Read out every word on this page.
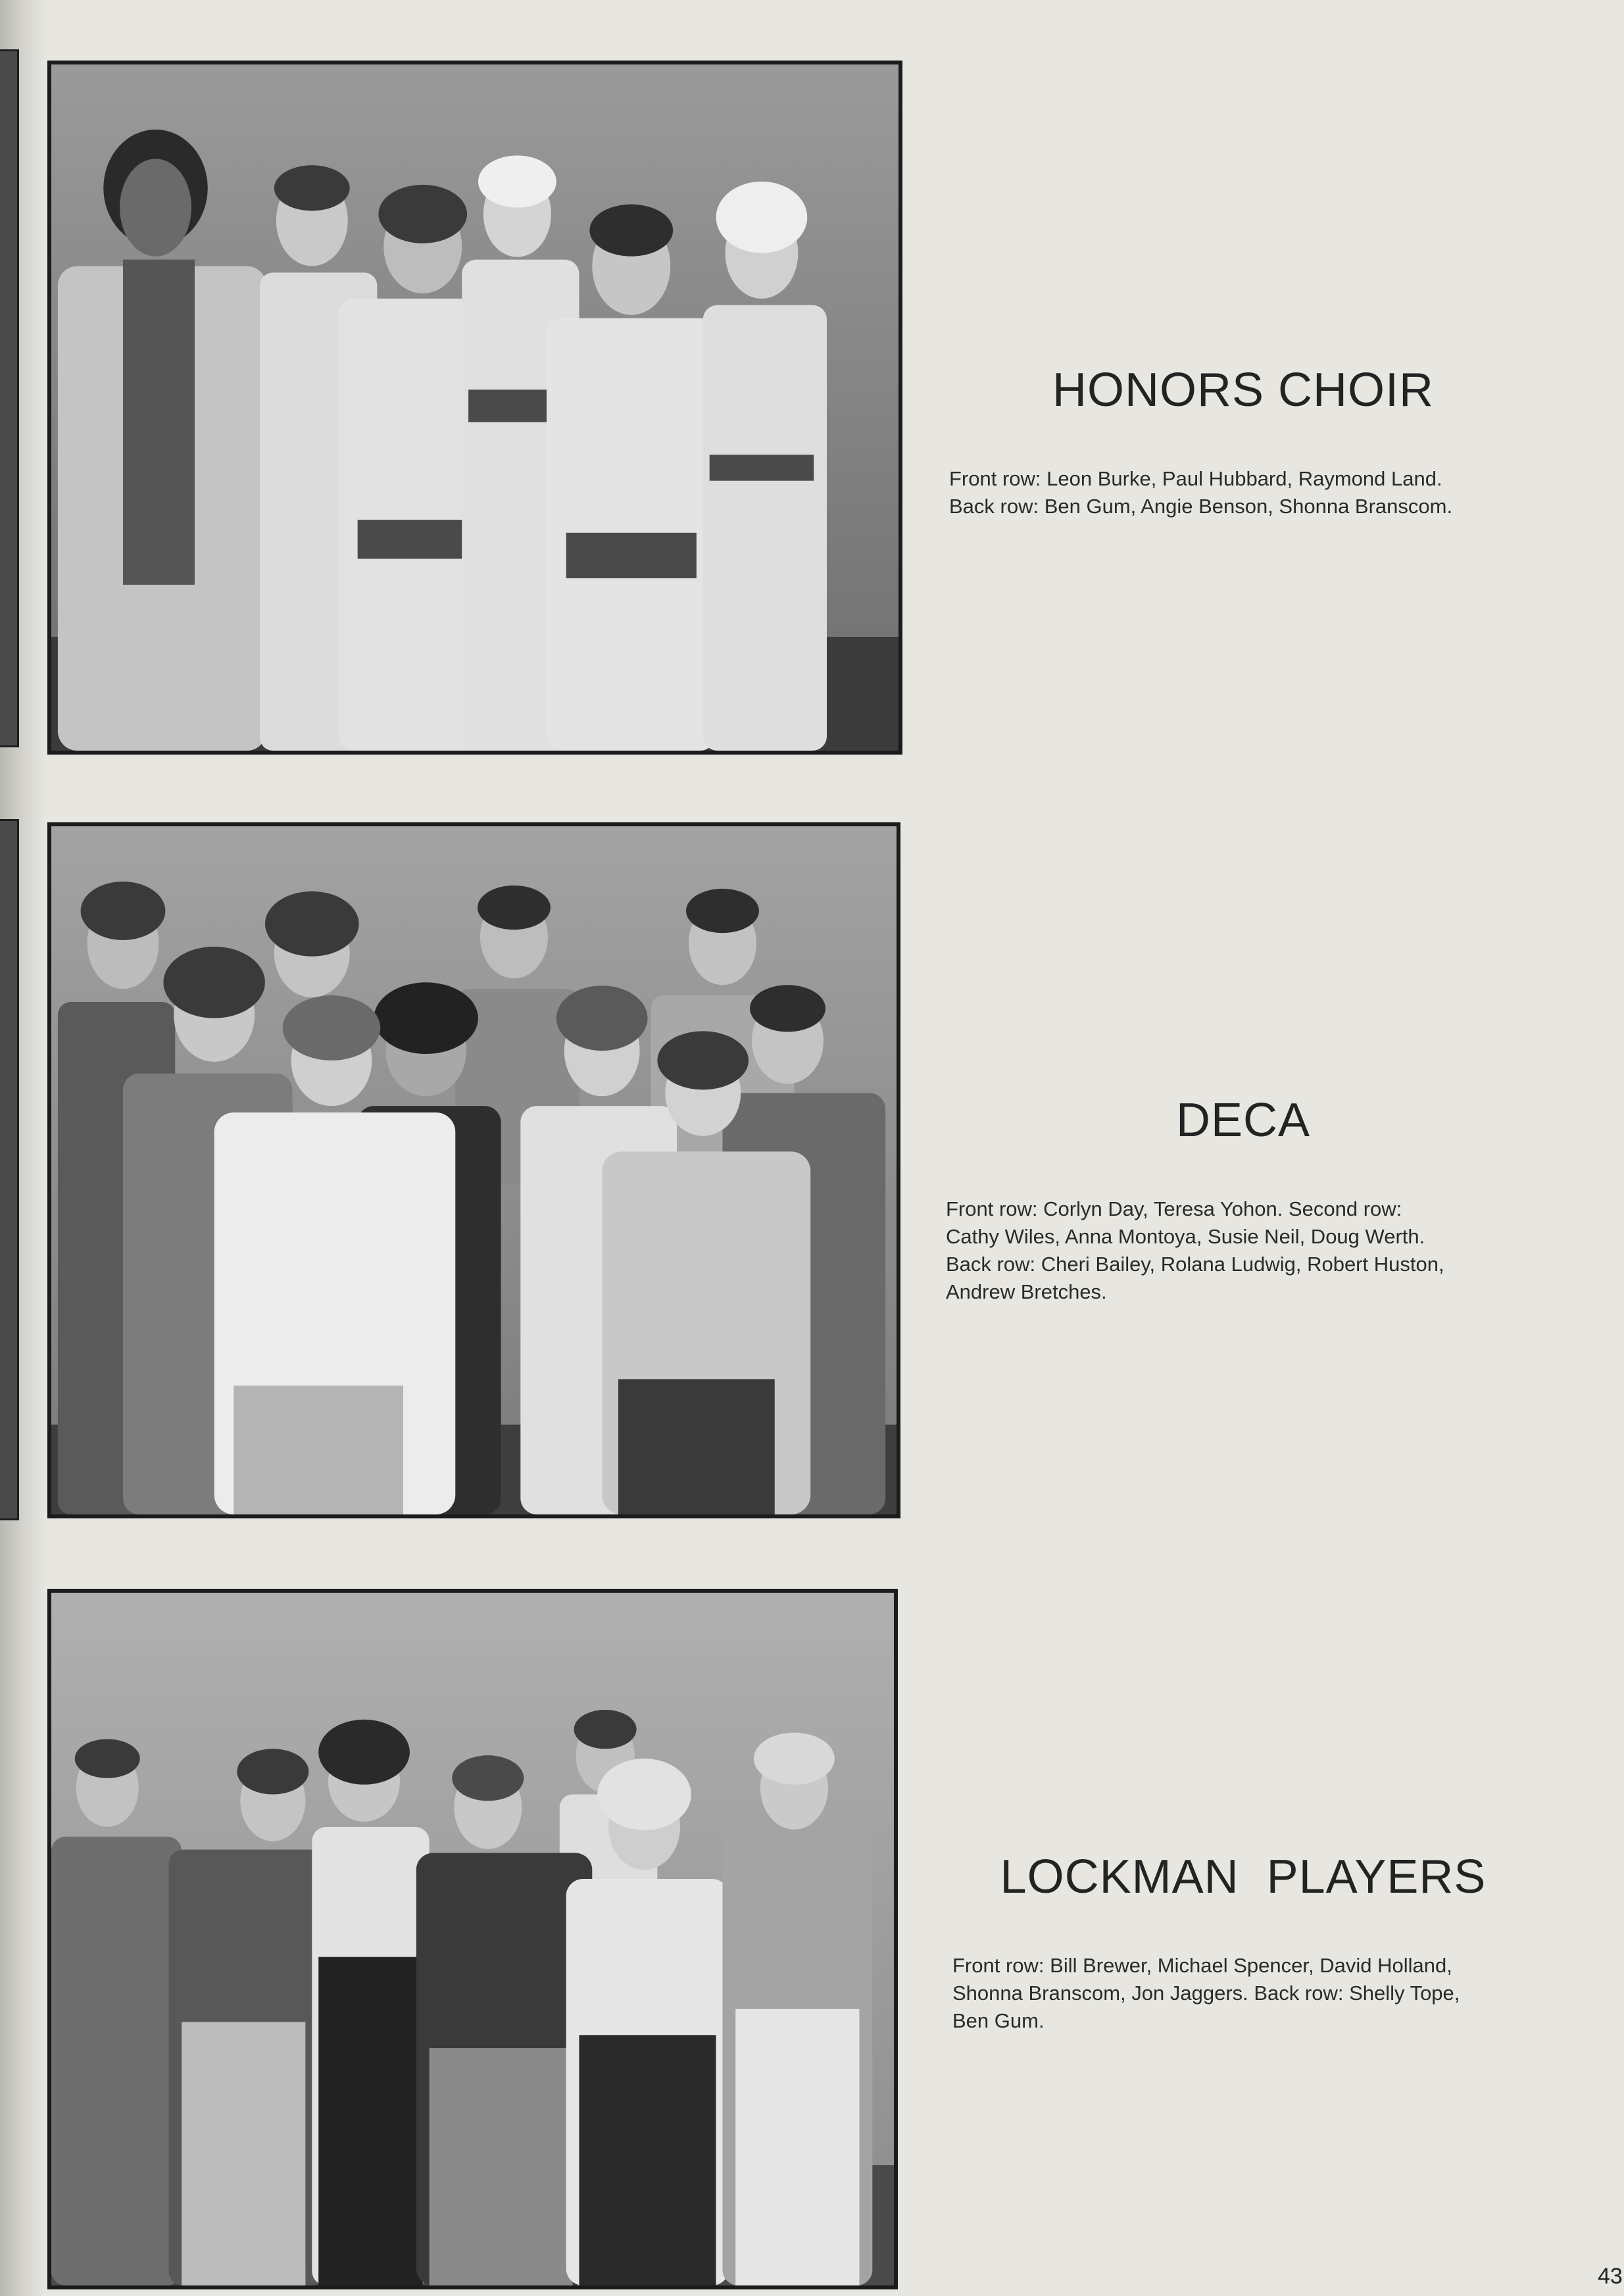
HONORS CHOIR

Front row: Leon Burke, Paul Hubbard, Raymond Land.
Back row: Ben Gum, Angie Benson, Shonna Branscom.

DECA

Front row: Corlyn Day, Teresa Yohon. Second row:
Cathy Wiles, Anna Montoya, Susie Neil, Doug Werth.
Back row: Cheri Bailey, Rolana Ludwig, Robert Huston,
Andrew Bretches.

LOCKMAN  PLAYERS

Front row: Bill Brewer, Michael Spencer, David Holland,
Shonna Branscom, Jon Jaggers. Back row: Shelly Tope,
Ben Gum.

43
